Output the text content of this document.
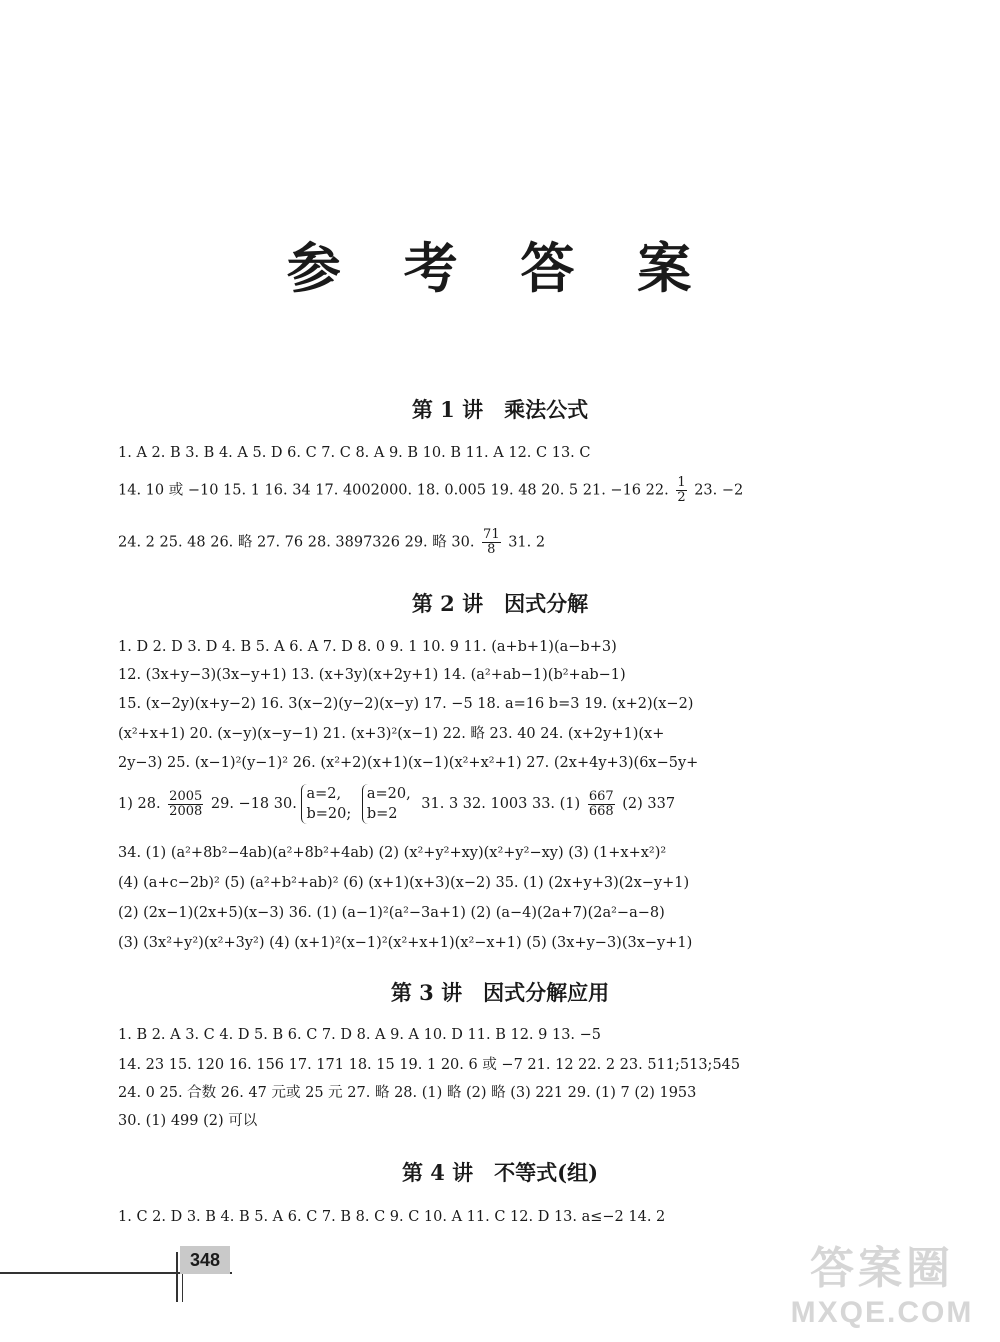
参 考 答 案
第 1 讲　乘法公式
1. A 2. B 3. B 4. A 5. D 6. C 7. C 8. A 9. B 10. B 11. A 12. C 13. C
14. 10 或 −10 15. 1 16. 34 17. 4002000. 18. 0.005 19. 48 20. 5 21. −16 22. $\frac{1}{2} 23$. −2
24. 2 25. 48 26. 略 27. 76 28. 3897326 29. 略 30. $\frac{71}{8} 31$. 2
第 2 讲　因式分解
1. D 2. D 3. D 4. B 5. A 6. A 7. D 8. 0 9. 1 10. 9 11. (a+b+1)(a−b+3)
12. (3x+y−3)(3x−y+1) 13. (x+3y)(x+2y+1) 14. (a²+ab−1)(b²+ab−1)
15. (x−2y)(x+y−2) 16. 3(x−2)(y−2)(x−y) 17. −5 18. a=16 b=3 19. (x+2)(x−2)
(x²+x+1) 20. (x−y)(x−y−1) 21. (x+3)²(x−1) 22. 略 23. 40 24. (x+2y+1)(x+
2y−3) 25. (x−1)²(y−1)² 26. (x²+2)(x+1)(x−1)(x²+x²+1) 27. (2x+4y+3)(6x−5y+
1) 28. $\frac{2005}{2008} 29$. −18 30.
a=2,
b=20;

a=20,
b=2
31. 3 32. 1003 33. $(1) \frac{667}{668} (2)$ 337
34. (1) (a²+8b²−4ab)(a²+8b²+4ab) (2) (x²+y²+xy)(x²+y²−xy) (3) (1+x+x²)²
(4) (a+c−2b)² (5) (a²+b²+ab)² (6) (x+1)(x+3)(x−2) 35. (1) (2x+y+3)(2x−y+1)
(2) (2x−1)(2x+5)(x−3) 36. (1) (a−1)²(a²−3a+1) (2) (a−4)(2a+7)(2a²−a−8)
(3) (3x²+y²)(x²+3y²) (4) (x+1)²(x−1)²(x²+x+1)(x²−x+1) (5) (3x+y−3)(3x−y+1)
第 3 讲　因式分解应用
1. B 2. A 3. C 4. D 5. B 6. C 7. D 8. A 9. A 10. D 11. B 12. 9 13. −5
14. 23 15. 120 16. 156 17. 171 18. 15 19. 1 20. 6 或 −7 21. 12 22. 2 23. 511;513;545
24. 0 25. 合数 26. 47 元或 25 元 27. 略 28. (1) 略 (2) 略 (3) 221 29. (1) 7 (2) 1953
30. (1) 499 (2) 可以
第 4 讲　不等式(组)
1. C 2. D 3. B 4. B 5. A 6. C 7. B 8. C 9. C 10. A 11. C 12. D 13. a≤−2 14. 2
348	答案圈
MXQE.COM
